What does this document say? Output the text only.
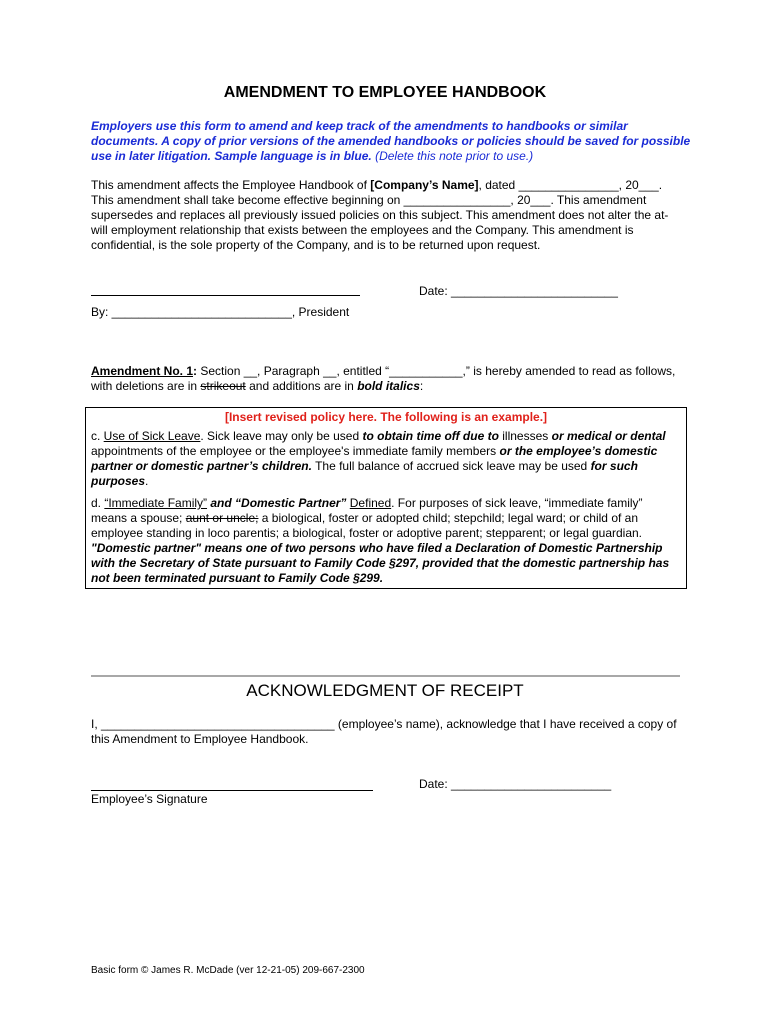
AMENDMENT TO EMPLOYEE HANDBOOK
Employers use this form to amend and keep track of the amendments to handbooks or similar documents. A copy of prior versions of the amended handbooks or policies should be saved for possible use in later litigation. Sample language is in blue. (Delete this note prior to use.)
This amendment affects the Employee Handbook of [Company’s Name], dated _______________, 20___. This amendment shall take become effective beginning on ________________, 20___. This amendment supersedes and replaces all previously issued policies on this subject. This amendment does not alter the at-will employment relationship that exists between the employees and the Company. This amendment is confidential, is the sole property of the Company, and is to be returned upon request.
Date: _________________________
By: ___________________________, President
Amendment No. 1: Section __, Paragraph __, entitled “___________,” is hereby amended to read as follows, with deletions are in strikeout and additions are in bold italics:
[Insert revised policy here. The following is an example.]
c. Use of Sick Leave. Sick leave may only be used to obtain time off due to illnesses or medical or dental appointments of the employee or the employee's immediate family members or the employee’s domestic partner or domestic partner’s children. The full balance of accrued sick leave may be used for such purposes.
d. “Immediate Family” and “Domestic Partner” Defined. For purposes of sick leave, “immediate family” means a spouse; aunt or uncle; a biological, foster or adopted child; stepchild; legal ward; or child of an employee standing in loco parentis; a biological, foster or adoptive parent; stepparent; or legal guardian. "Domestic partner" means one of two persons who have filed a Declaration of Domestic Partnership with the Secretary of State pursuant to Family Code §297, provided that the domestic partnership has not been terminated pursuant to Family Code §299.
ACKNOWLEDGMENT OF RECEIPT
I, ___________________________________ (employee’s name), acknowledge that I have received a copy of this Amendment to Employee Handbook.
Date: ________________________
Employee’s Signature
Basic form © James R. McDade (ver 12-21-05) 209-667-2300
